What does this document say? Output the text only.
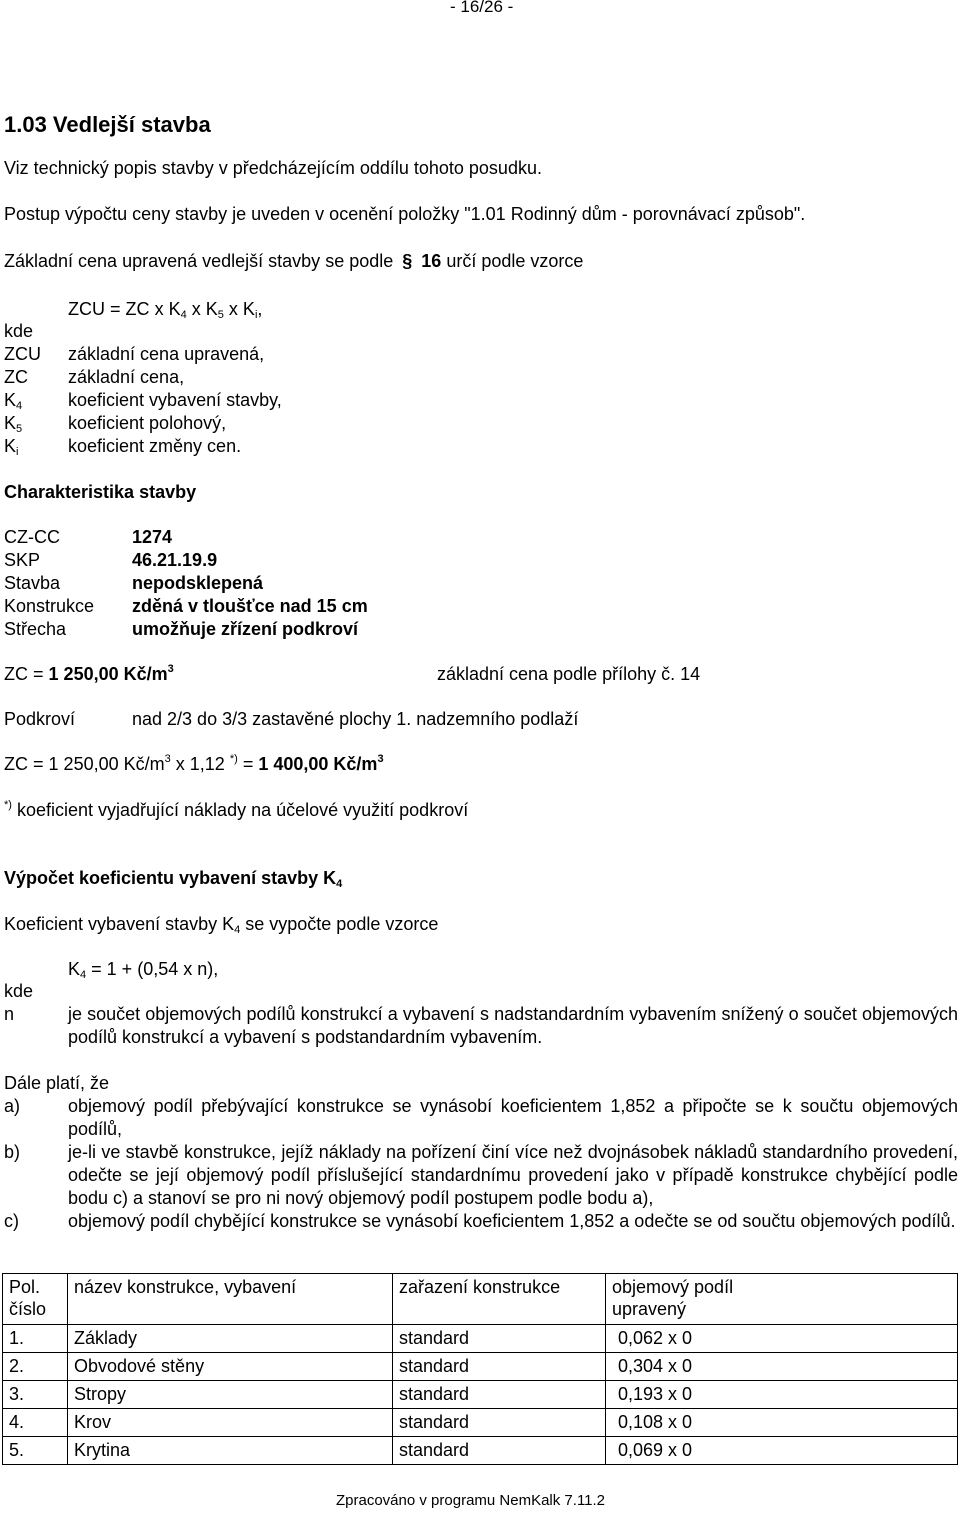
- 16/26 -
1.03 Vedlejší stavba
Viz technický popis stavby v předcházejícím oddílu tohoto posudku.
Postup výpočtu ceny stavby je uveden v ocenění položky "1.01 Rodinný dům - porovnávací způsob".
Základní cena upravená vedlejší stavby se podle § 16 určí podle vzorce
ZCU = ZC x $K_4$ x $K_5$ x $K_i$,
kde
ZCU základní cena upravená,
ZC základní cena,
$K_4$	koeficient vybavení stavby,
$K_5$	koeficient polohový,
$K_i$	koeficient změny cen.
Charakteristika stavby
CZ-CC	1274
SKP	46.21.19.9
Stavba	nepodsklepená
Konstrukce zděná v tloušťce nad 15 cm
Střecha	umožňuje zřízení podkroví
ZC = 1 250,00 $Kč/m^3$	základní cena podle přílohy č. 14
Podkroví	nad 2/3 do 3/3 zastavěné plochy 1. nadzemního podlaží
ZC = 1 250,00 $Kč/m^3$ x 1,12 *) = 1 400,00 $Kč/m^3$
*) koeficient vyjadřující náklady na účelové využití podkroví
Výpočet koeficientu vybavení stavby $K_4$
Koeficient vybavení stavby $K_4$ se vypočte podle vzorce
$K_4 = 1 + (0,54$ x n),
kde
n	je součet objemových podílů konstrukcí a vybavení s nadstandardním vybavením snížený o součet objemových podílů konstrukcí a vybavení s podstandardním vybavením.
Dále platí, že
a)	objemový podíl přebývající konstrukce se vynásobí koeficientem 1,852 a připočte se k součtu objemových podílů,
b)	je-li ve stavbě konstrukce, jejíž náklady na pořízení činí více než dvojnásobek nákladů standardního provedení, odečte se její objemový podíl příslušející standardnímu provedení jako v případě konstrukce chybějící podle bodu c) a stanoví se pro ni nový objemový podíl postupem podle bodu a),
c)	objemový podíl chybějící konstrukce se vynásobí koeficientem 1,852 a odečte se od součtu objemových podílů.
Pol. číslo	název konstrukce, vybavení	zařazení konstrukce	objemový podíl upravený
1.	Základy	standard	0,062 x 0
2.	Obvodové stěny	standard	0,304 x 0
3.	Stropy	standard	0,193 x 0
4.	Krov	standard	0,108 x 0
5.	Krytina	standard	0,069 x 0
Zpracováno v programu NemKalk 7.11.2
